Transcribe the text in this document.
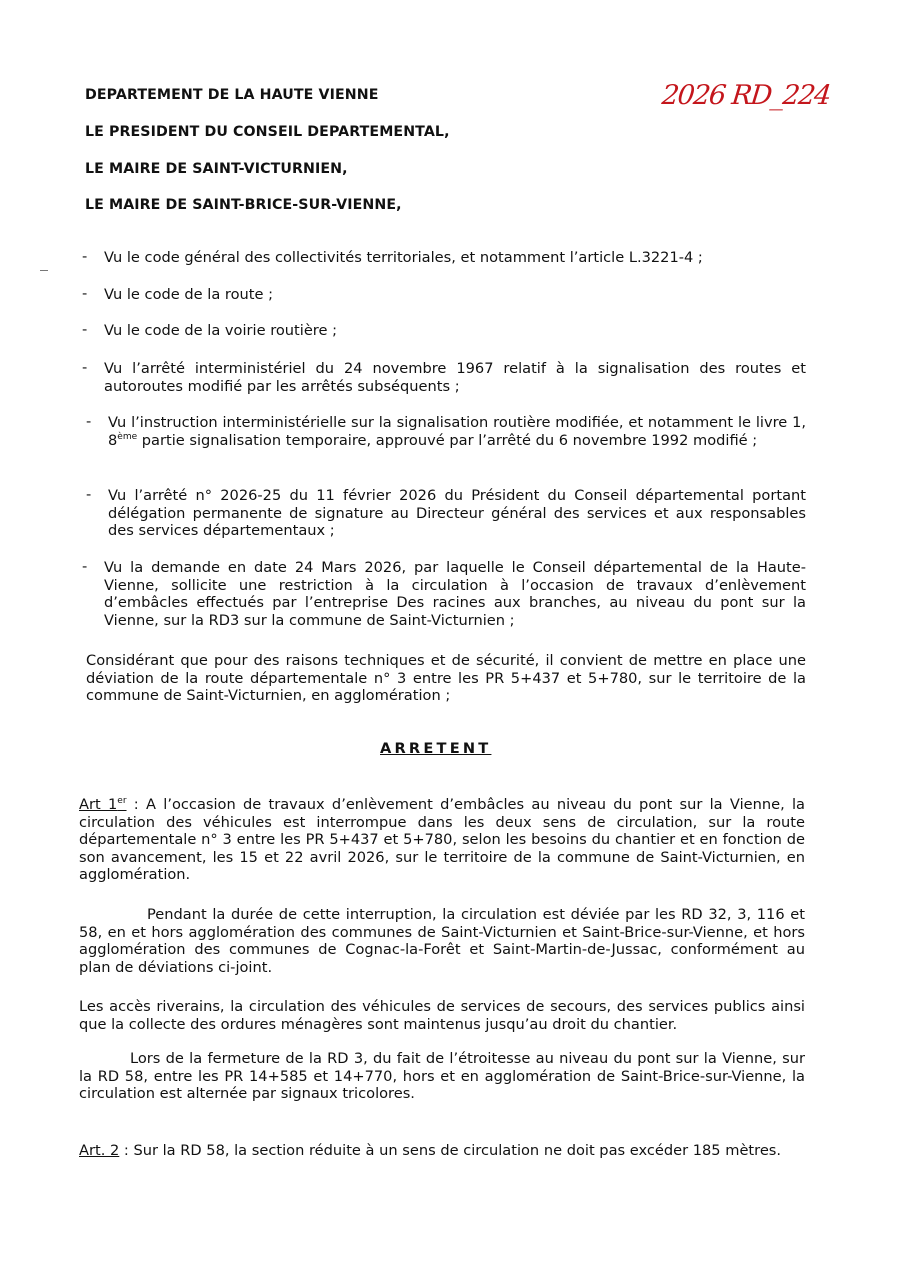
DEPARTEMENT DE LA HAUTE VIENNE

LE PRESIDENT DU CONSEIL DEPARTEMENTAL,

LE MAIRE DE SAINT-VICTURNIEN,

LE MAIRE DE SAINT-BRICE-SUR-VIENNE,

2026 RD_224
- Vu le code général des collectivités territoriales, et notamment l’article L.3221-4 ;

- Vu le code de la route ;

- Vu le code de la voirie routière ;

- Vu l’arrêté interministériel du 24 novembre 1967 relatif à la signalisation des routes et autoroutes modifié par les arrêtés subséquents ;

- Vu l’instruction interministérielle sur la signalisation routière modifiée, et notamment le livre 1, 8ème partie signalisation temporaire, approuvé par l’arrêté du 6 novembre 1992 modifié ;

- Vu l’arrêté n° 2026-25 du 11 février 2026 du Président du Conseil départemental portant délégation permanente de signature au Directeur général des services et aux responsables des services départementaux ;

- Vu la demande en date 24 Mars 2026, par laquelle le Conseil départemental de la Haute-Vienne, sollicite une restriction à la circulation à l’occasion de travaux d’enlèvement d’embâcles effectués par l’entreprise Des racines aux branches, au niveau du pont sur la Vienne, sur la RD3 sur la commune de Saint-Victurnien ;

Considérant que pour des raisons techniques et de sécurité, il convient de mettre en place une déviation de la route départementale n° 3 entre les PR 5+437 et 5+780, sur le territoire de la commune de Saint-Victurnien, en agglomération ;

ARRETENT

Art 1er : A l’occasion de travaux d’enlèvement d’embâcles au niveau du pont sur la Vienne, la circulation des véhicules est interrompue dans les deux sens de circulation, sur la route départementale n° 3 entre les PR 5+437 et 5+780, selon les besoins du chantier et en fonction de son avancement, les 15 et 22 avril 2026, sur le territoire de la commune de Saint-Victurnien, en agglomération.

Pendant la durée de cette interruption, la circulation est déviée par les RD 32, 3, 116 et 58, en et hors agglomération des communes de Saint-Victurnien et Saint-Brice-sur-Vienne, et hors agglomération des communes de Cognac-la-Forêt et Saint-Martin-de-Jussac, conformément au plan de déviations ci-joint.

Les accès riverains, la circulation des véhicules de services de secours, des services publics ainsi que la collecte des ordures ménagères sont maintenus jusqu’au droit du chantier.

Lors de la fermeture de la RD 3, du fait de l’étroitesse au niveau du pont sur la Vienne, sur la RD 58, entre les PR 14+585 et 14+770, hors et en agglomération de Saint-Brice-sur-Vienne, la circulation est alternée par signaux tricolores.

Art. 2 : Sur la RD 58, la section réduite à un sens de circulation ne doit pas excéder 185 mètres.
